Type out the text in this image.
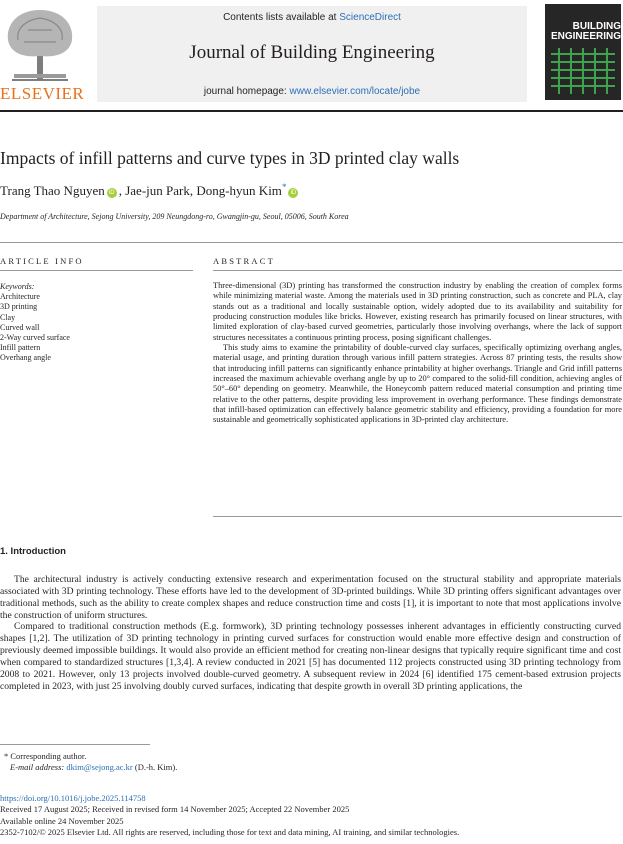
ELSEVIER
Contents lists available at ScienceDirect
Journal of Building Engineering
journal homepage: www.elsevier.com/locate/jobe
BUILDING
ENGINEERING
Impacts of infill patterns and curve types in 3D printed clay walls
Trang Thao Nguyen iD , Jae-jun Park, Dong-hyun Kim*iD
Department of Architecture, Sejong University, 209 Neungdong-ro, Gwangjin-gu, Seoul, 05006, South Korea
ARTICLE INFO
Keywords:
Architecture
3D printing
Clay
Curved wall
2-Way curved surface
Infill pattern
Overhang angle
ABSTRACT

Three-dimensional (3D) printing has transformed the construction industry by enabling the creation of complex forms while minimizing material waste. Among the materials used in 3D printing construction, such as concrete and PLA, clay stands out as a traditional and locally sustainable option, widely adopted due to its availability and suitability for producing construction modules like bricks. However, existing research has primarily focused on linear structures, with limited exploration of clay-based curved geometries, particularly those involving overhangs, where the lack of support structures necessitates a continuous printing process, posing significant challenges.

This study aims to examine the printability of double-curved clay surfaces, specifically optimizing overhang angles, material usage, and printing duration through various infill pattern strategies. Across 87 printing tests, the results show that introducing infill patterns can significantly enhance printability at higher overhangs. Triangle and Grid infill patterns increased the maximum achievable overhang angle by up to 20° compared to the solid-fill condition, achieving angles of 50°–60° depending on geometry. Meanwhile, the Honeycomb pattern reduced material consumption and printing time relative to the other patterns, despite providing less improvement in overhang performance. These findings demonstrate that infill-based optimization can effectively balance geometric stability and efficiency, providing a foundation for more sustainable and geometrically sophisticated applications in 3D-printed clay architecture.

1. Introduction

The architectural industry is actively conducting extensive research and experimentation focused on the structural stability and appropriate materials associated with 3D printing technology. These efforts have led to the development of 3D-printed buildings. While 3D printing offers significant advantages over traditional methods, such as the ability to create complex shapes and reduce construction time and costs [1], it is important to note that most applications involve the construction of uniform structures.

Compared to traditional construction methods (E.g. formwork), 3D printing technology possesses inherent advantages in efficiently constructing curved shapes [1,2]. The utilization of 3D printing technology in printing curved surfaces for construction would enable more effective design and construction of previously deemed impossible buildings. It would also provide an efficient method for creating non-linear designs that typically require significant time and cost when compared to standardized structures [1,3,4]. A review conducted in 2021 [5] has documented 112 projects constructed using 3D printing technology from 2008 to 2021. However, only 13 projects involved double-curved geometry. A subsequent review in 2024 [6] identified 175 cement-based extrusion projects completed in 2023, with just 25 involving doubly curved surfaces, indicating that despite growth in overall 3D printing applications, the

* Corresponding author.
E-mail address: dkim@sejong.ac.kr (D.-h. Kim).
https://doi.org/10.1016/j.jobe.2025.114758
Received 17 August 2025; Received in revised form 14 November 2025; Accepted 22 November 2025
Available online 24 November 2025
2352-7102/© 2025 Elsevier Ltd. All rights are reserved, including those for text and data mining, AI training, and similar technologies.
